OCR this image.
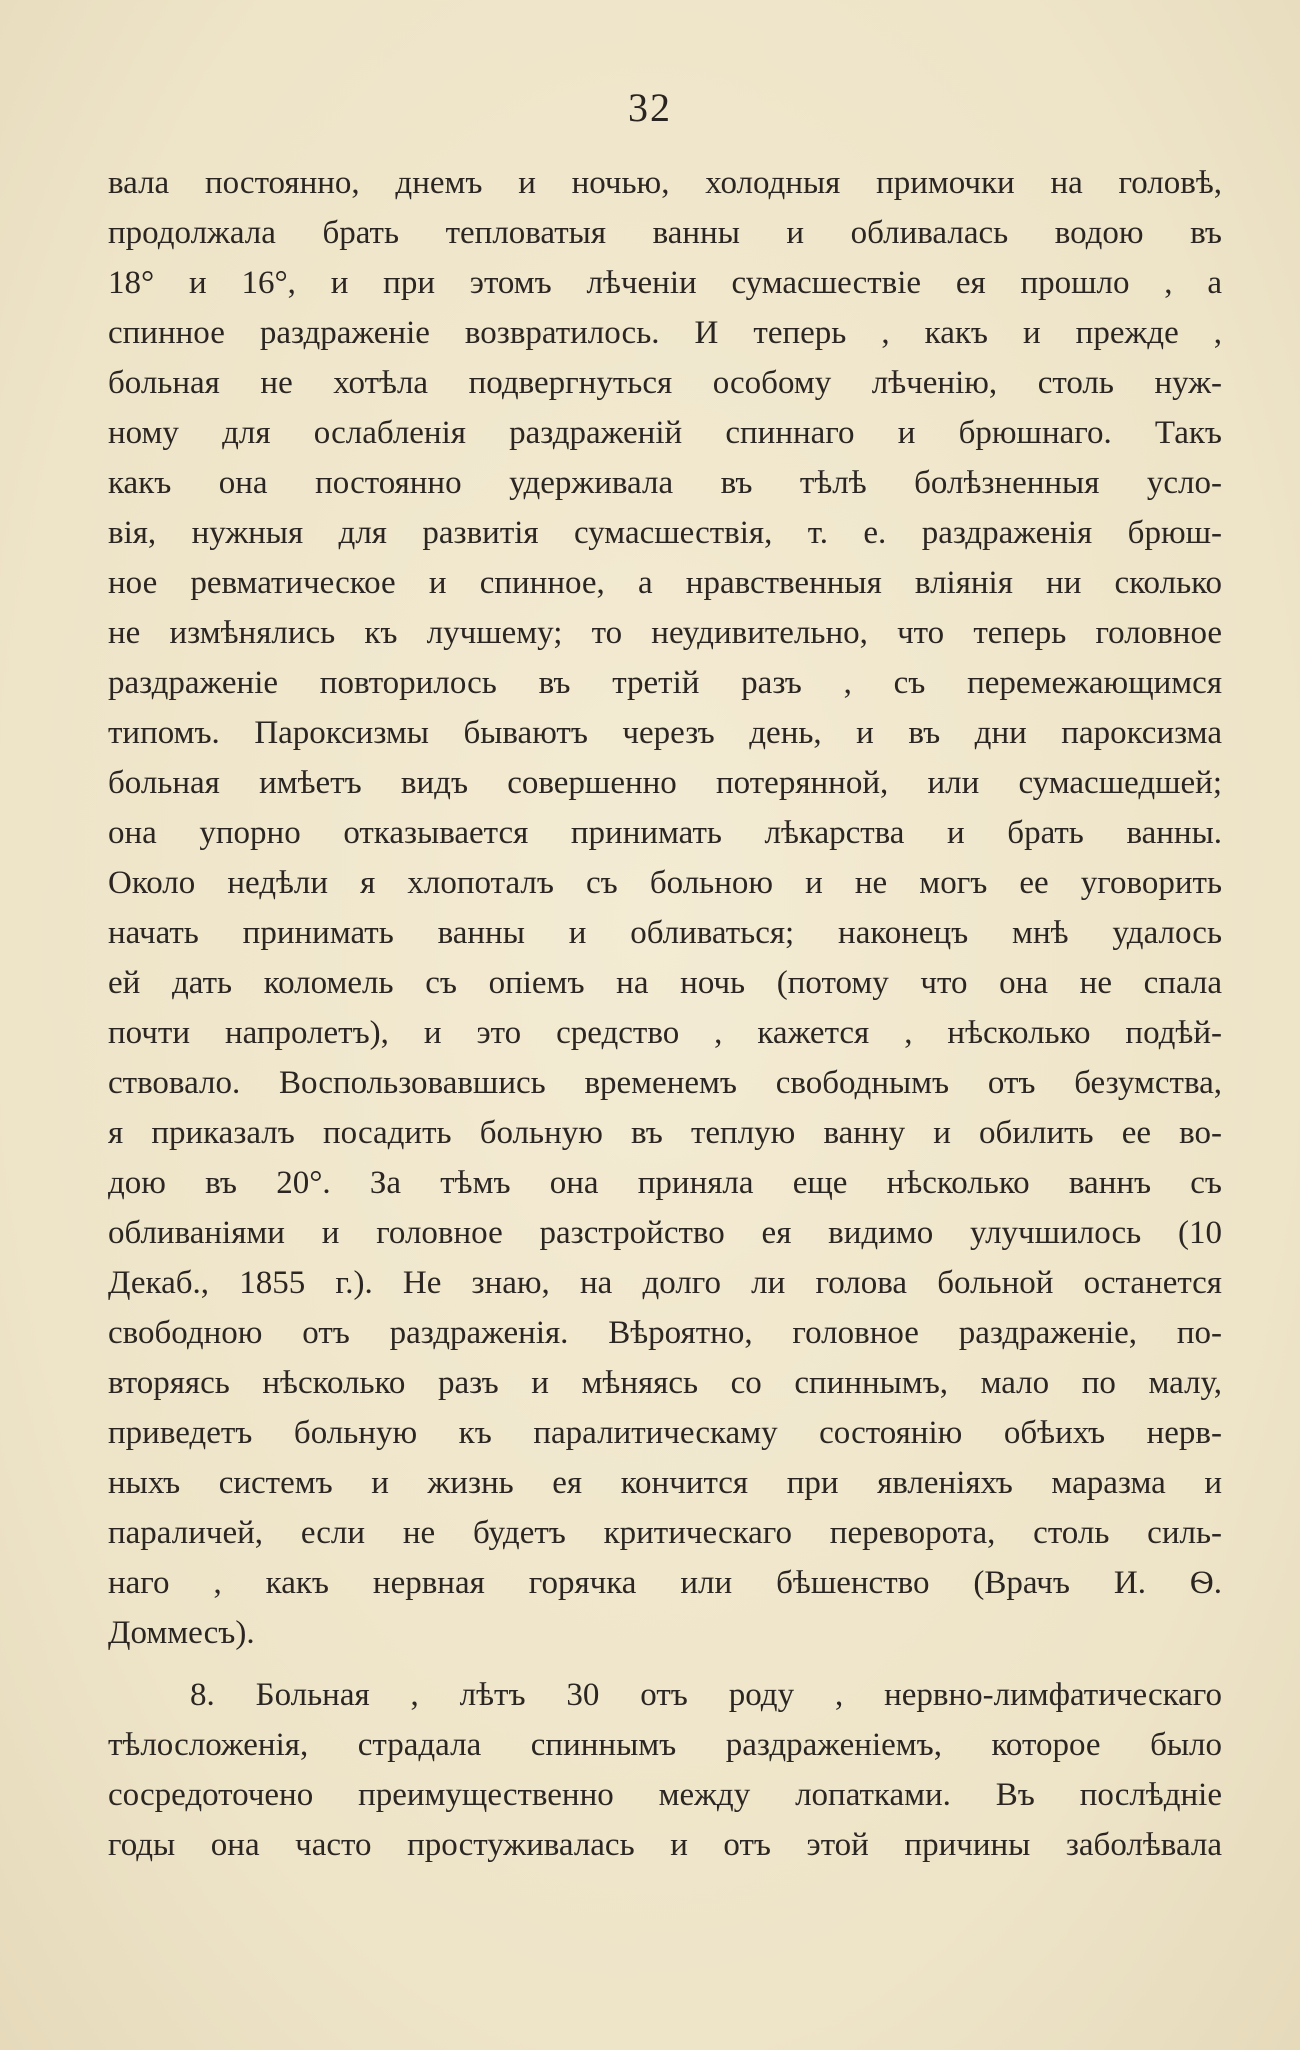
32
вала постоянно, днемъ и ночью, холодныя примочки на головѣ,
продолжала брать тепловатыя ванны и обливалась водою въ
18° и 16°, и при этомъ лѣченіи сумасшествіе ея прошло , а
спинное раздраженіе возвратилось. И теперь , какъ и прежде ,
больная не хотѣла подвергнуться особому лѣченію, столь нуж-
ному для ослабленія раздраженій спиннаго и брюшнаго. Такъ
какъ она постоянно удерживала въ тѣлѣ болѣзненныя усло-
вія, нужныя для развитія сумасшествія, т. е. раздраженія брюш-
ное ревматическое и спинное, а нравственныя вліянія ни сколько
не измѣнялись къ лучшему; то неудивительно, что теперь головное
раздраженіе повторилось въ третій разъ , съ перемежающимся
типомъ. Пароксизмы бываютъ черезъ день, и въ дни пароксизма
больная имѣетъ видъ совершенно потерянной, или сумасшедшей;
она упорно отказывается принимать лѣкарства и брать ванны.
Около недѣли я хлопоталъ съ больною и не могъ ее уговорить
начать принимать ванны и обливаться; наконецъ мнѣ удалось
ей дать коломель съ опіемъ на ночь (потому что она не спала
почти напролетъ), и это средство , кажется , нѣсколько подѣй-
ствовало. Воспользовавшись временемъ свободнымъ отъ безумства,
я приказалъ посадить больную въ теплую ванну и обилить ее во-
дою въ 20°. За тѣмъ она приняла еще нѣсколько ваннъ съ
обливаніями и головное разстройство ея видимо улучшилось (10
Декаб., 1855 г.). Не знаю, на долго ли голова больной останется
свободною отъ раздраженія. Вѣроятно, головное раздраженіе, по-
вторяясь нѣсколько разъ и мѣняясь со спиннымъ, мало по малу,
приведетъ больную къ паралитическаму состоянію обѣихъ нерв-
ныхъ системъ и жизнь ея кончится при явленіяхъ маразма и
параличей, если не будетъ критическаго переворота, столь силь-
наго , какъ нервная горячка или бѣшенство (Врачъ И. Ѳ.
Доммесъ).
8. Больная , лѣтъ 30 отъ роду , нервно-лимфатическаго
тѣлосложенія, страдала спиннымъ раздраженіемъ, которое было
сосредоточено преимущественно между лопатками. Въ послѣдніе
годы она часто простуживалась и отъ этой причины заболѣвала
